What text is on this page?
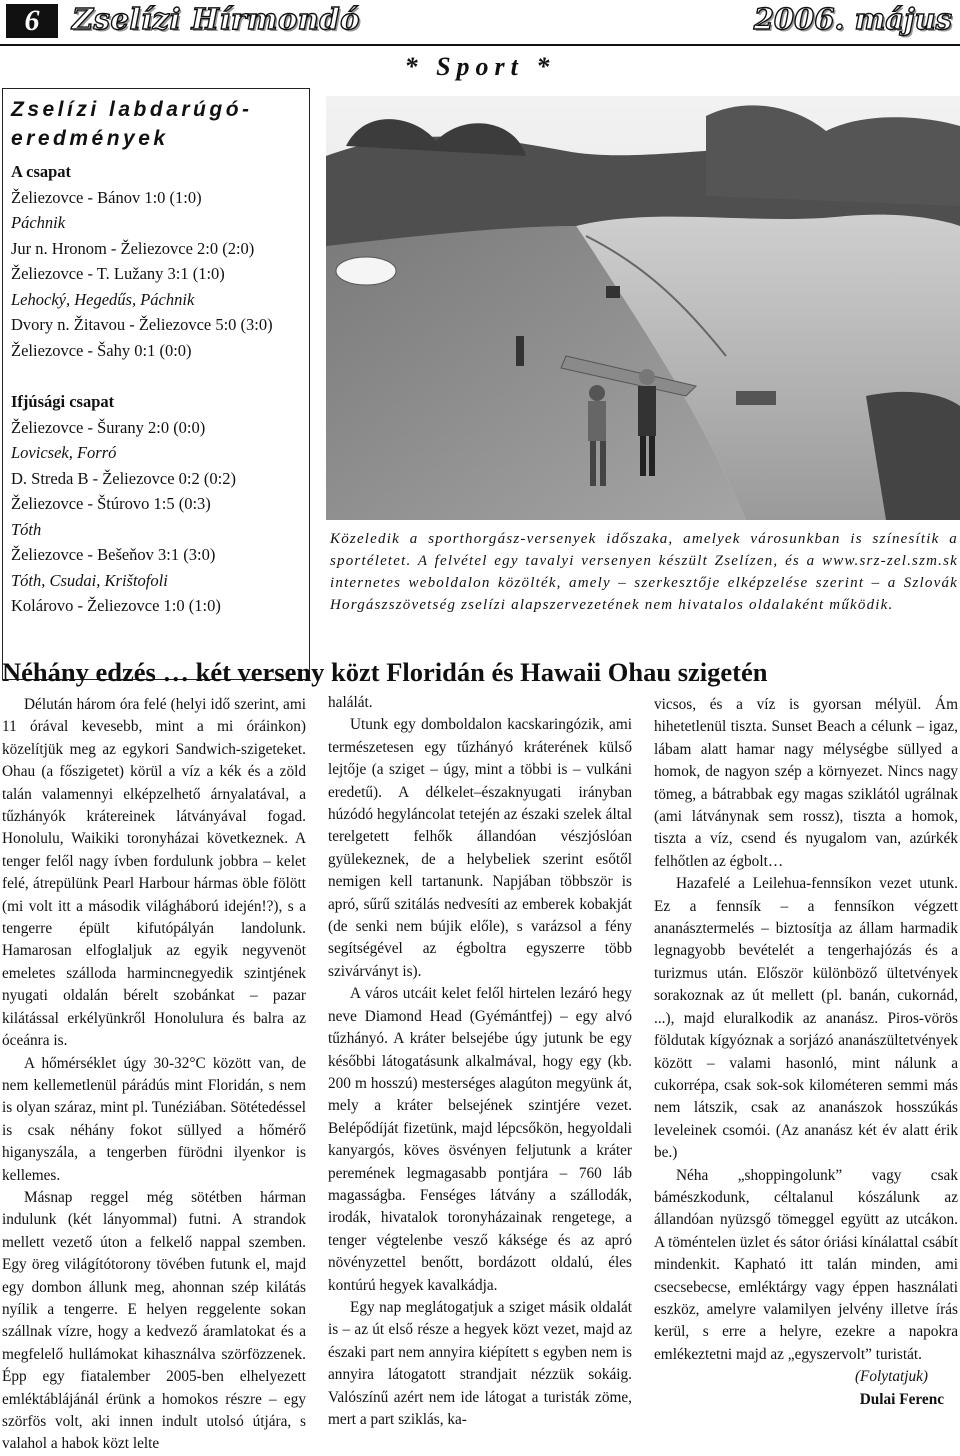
6	Zselízi Hírmondó	2006. május
* Sport *
Zselízi labdarúgó-eredmények
A csapat
Želiezovce - Bánov 1:0 (1:0)
Páchnik
Jur n. Hronom - Želiezovce 2:0 (2:0)
Želiezovce - T. Lužany 3:1 (1:0)
Lehocký, Hegedűs, Páchnik
Dvory n. Žitavou - Želiezovce 5:0 (3:0)
Želiezovce - Šahy 0:1 (0:0)
Ifjúsági csapat
Želiezovce - Šurany 2:0 (0:0)
Lovicsek, Forró
D. Streda B - Želiezovce 0:2 (0:2)
Želiezovce - Štúrovo 1:5 (0:3)
Tóth
Želiezovce - Bešeňov 3:1 (3:0)
Tóth, Csudai, Krištofoli
Kolárovo - Želiezovce 1:0 (1:0)
Közeledik a sporthorgász-versenyek időszaka, amelyek városunkban is színesítik a sportéletet. A felvétel egy tavalyi versenyen készült Zselízen, és a www.srz-zel.szm.sk internetes weboldalon közölték, amely – szerkesztője elképzelése szerint – a Szlovák Horgászszövetség zselízi alapszervezetének nem hivatalos oldalaként működik.
Néhány edzés … két verseny közt Floridán és Hawaii Ohau szigetén

Délután három óra felé (helyi idő szerint, ami 11 órával kevesebb, mint a mi óráinkon) közelítjük meg az egykori Sandwich-szigeteket. Ohau (a főszigetet) körül a víz a kék és a zöld talán valamennyi elképzelhető árnyalatával, a tűzhányók krátereinek látványával fogad. Honolulu, Waikiki toronyházai következnek. A tenger felől nagy ívben fordulunk jobbra – kelet felé, átrepülünk Pearl Harbour hármas öble fölött (mi volt itt a második világháború idején!?), s a tengerre épült kifutópályán landolunk. Hamarosan elfoglaljuk az egyik negyvenöt emeletes szálloda harmincnegyedik szintjének nyugati oldalán bérelt szobánkat – pazar kilátással erkélyünkről Honolulura és balra az óceánra is.

A hőmérséklet úgy 30-32°C között van, de nem kellemetlenül párádús mint Floridán, s nem is olyan száraz, mint pl. Tunéziában. Sötétedéssel is csak néhány fokot süllyed a hőmérő higanyszála, a tengerben fürödni ilyenkor is kellemes.

Másnap reggel még sötétben hárman indulunk (két lányommal) futni. A strandok mellett vezető úton a felkelő nappal szemben. Egy öreg világítótorony tövében futunk el, majd egy dombon állunk meg, ahonnan szép kilátás nyílik a tengerre. E helyen reggelente sokan szállnak vízre, hogy a kedvező áramlatokat és a megfelelő hullámokat kihasználva szörfözzenek. Épp egy fiatalember 2005-ben elhelyezett emléktáblájánál érünk a homokos részre – egy szörfös volt, aki innen indult utolsó útjára, s valahol a habok közt lelte

halálát.

Utunk egy domboldalon kacskaringózik, ami természetesen egy tűzhányó kráterének külső lejtője (a sziget – úgy, mint a többi is – vulkáni eredetű). A délkelet–északnyugati irányban húzódó hegyláncolat tetején az északi szelek által terelgetett felhők állandóan vészjóslóan gyülekeznek, de a helybeliek szerint esőtől nemigen kell tartanunk. Napjában többször is apró, sűrű szitálás nedvesíti az emberek kobakját (de senki nem bújik előle), s varázsol a fény segítségével az égboltra egyszerre több szivárványt is).

A város utcáit kelet felől hirtelen lezáró hegy neve Diamond Head (Gyémántfej) – egy alvó tűzhányó. A kráter belsejébe úgy jutunk be egy későbbi látogatásunk alkalmával, hogy egy (kb. 200 m hosszú) mesterséges alagúton megyünk át, mely a kráter belsejének szintjére vezet. Belépődíját fizetünk, majd lépcsőkön, hegyoldali kanyargós, köves ösvényen feljutunk a kráter peremének legmagasabb pontjára – 760 láb magasságba. Fenséges látvány a szállodák, irodák, hivatalok toronyházainak rengetege, a tenger végtelenbe vesző káksége és az apró növényzettel benőtt, bordázott oldalú, éles kontúrú hegyek kavalkádja.

Egy nap meglátogatjuk a sziget másik oldalát is – az út első része a hegyek közt vezet, majd az északi part nem annyira kiépített s egyben nem is annyira látogatott strandjait nézzük sokáig. Valószínű azért nem ide látogat a turisták zöme, mert a part sziklás, ka-

vicsos, és a víz is gyorsan mélyül. Ám hihetetlenül tiszta. Sunset Beach a célunk – igaz, lábam alatt hamar nagy mélységbe süllyed a homok, de nagyon szép a környezet. Nincs nagy tömeg, a bátrabbak egy magas sziklától ugrálnak (ami látványnak sem rossz), tiszta a homok, tiszta a víz, csend és nyugalom van, azúrkék felhőtlen az égbolt…

Hazafelé a Leilehua-fennsíkon vezet utunk. Ez a fennsík – a fennsíkon végzett ananásztermelés – biztosítja az állam harmadik legnagyobb bevételét a tengerhajózás és a turizmus után. Először különböző ültetvények sorakoznak az út mellett (pl. banán, cukornád, ...), majd eluralkodik az ananász. Piros-vörös földutak kígyóznak a sorjázó ananászültetvények között – valami hasonló, mint nálunk a cukorrépa, csak sok-sok kilométeren semmi más nem látszik, csak az ananászok hosszúkás leveleinek csomói. (Az ananász két év alatt érik be.)

Néha „shoppingolunk” vagy csak bámészkodunk, céltalanul kószálunk az állandóan nyüzsgő tömeggel együtt az utcákon. A töméntelen üzlet és sátor óriási kínálattal csábít mindenkit. Kapható itt talán minden, ami csecsebecse, emléktárgy vagy éppen használati eszköz, amelyre valamilyen jelvény illetve írás kerül, s erre a helyre, ezekre a napokra emlékeztetni majd az „egyszervolt” turistát.

(Folytatjuk)

Dulai Ferenc
